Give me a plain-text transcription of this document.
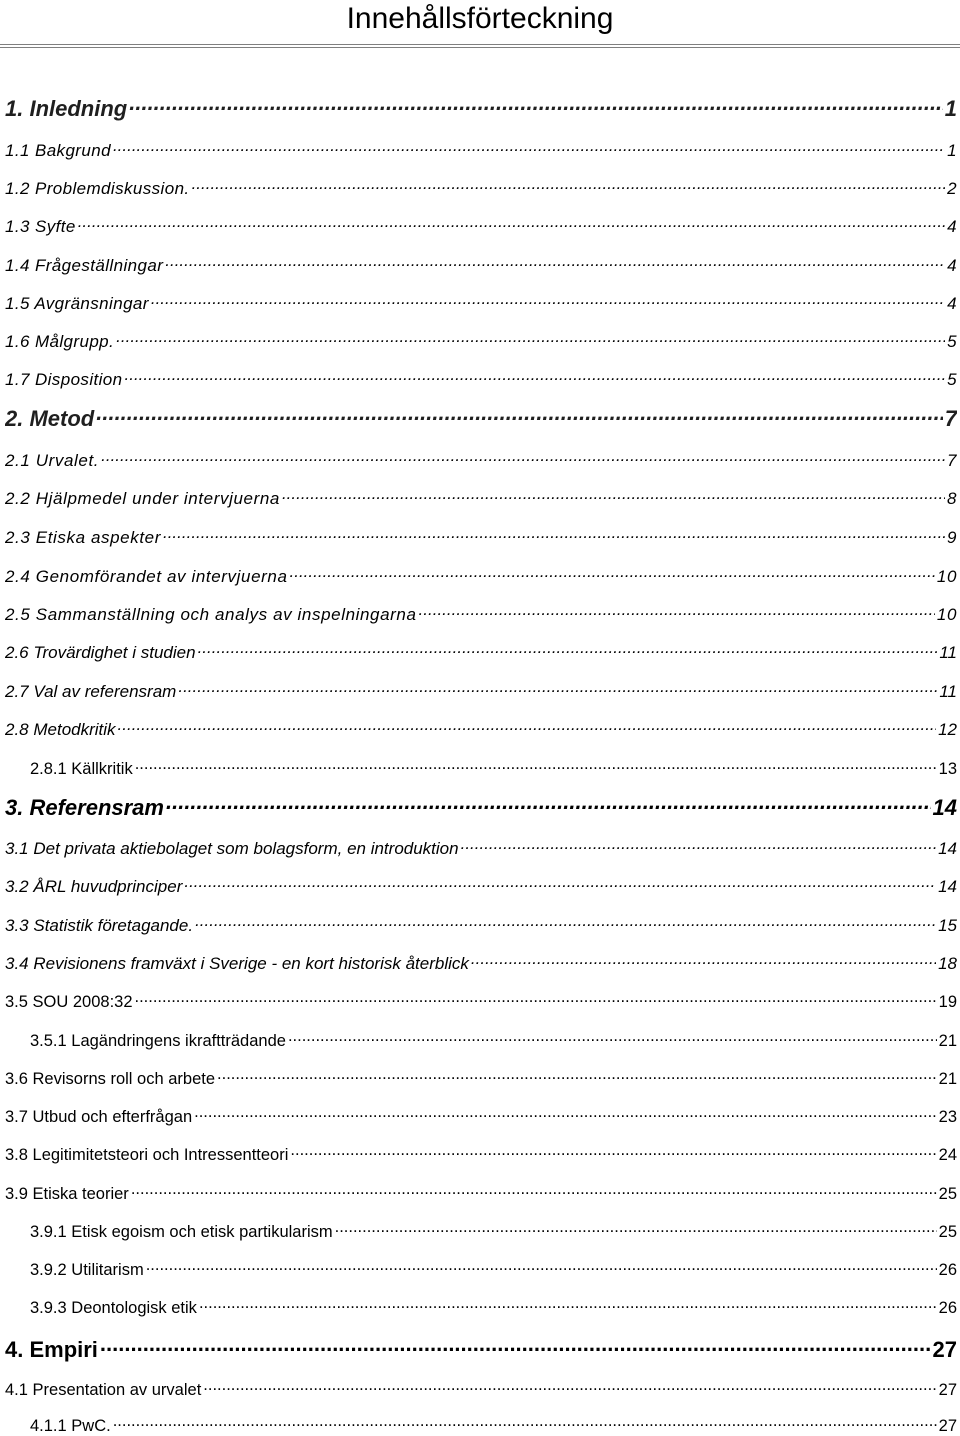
Innehållsförteckning
1. Inledning .....	1
1.1 Bakgrund .....	1
1.2 Problemdiskussion. .....	2
1.3 Syfte .....	4
1.4 Frågeställningar .....	4
1.5 Avgränsningar .....	4
1.6 Målgrupp. .....	5
1.7 Disposition .....	5
2. Metod .....	7
2.1 Urvalet. .....	7
2.2 Hjälpmedel under intervjuerna .....	8
2.3 Etiska aspekter .....	9
2.4 Genomförandet av intervjuerna .....	10
2.5 Sammanställning och analys av inspelningarna .....	10
2.6 Trovärdighet i studien .....	11
2.7 Val av referensram .....	11
2.8 Metodkritik .....	12
2.8.1 Källkritik .....	13
3. Referensram .....	14
3.1 Det privata aktiebolaget som bolagsform, en introduktion .....	14
3.2 ÅRL huvudprinciper .....	14
3.3 Statistik företagande. .....	15
3.4 Revisionens framväxt i Sverige - en kort historisk återblick .....	18
3.5 SOU 2008:32 .....	19
3.5.1 Lagändringens ikraftträdande .....	21
3.6 Revisorns roll och arbete .....	21
3.7 Utbud och efterfrågan .....	23
3.8 Legitimitetsteori och Intressentteori .....	24
3.9 Etiska teorier .....	25
3.9.1 Etisk egoism och etisk partikularism .....	25
3.9.2 Utilitarism .....	26
3.9.3 Deontologisk etik .....	26
4. Empiri .....	27
4.1 Presentation av urvalet .....	27
4.1.1 PwC. .....	27
